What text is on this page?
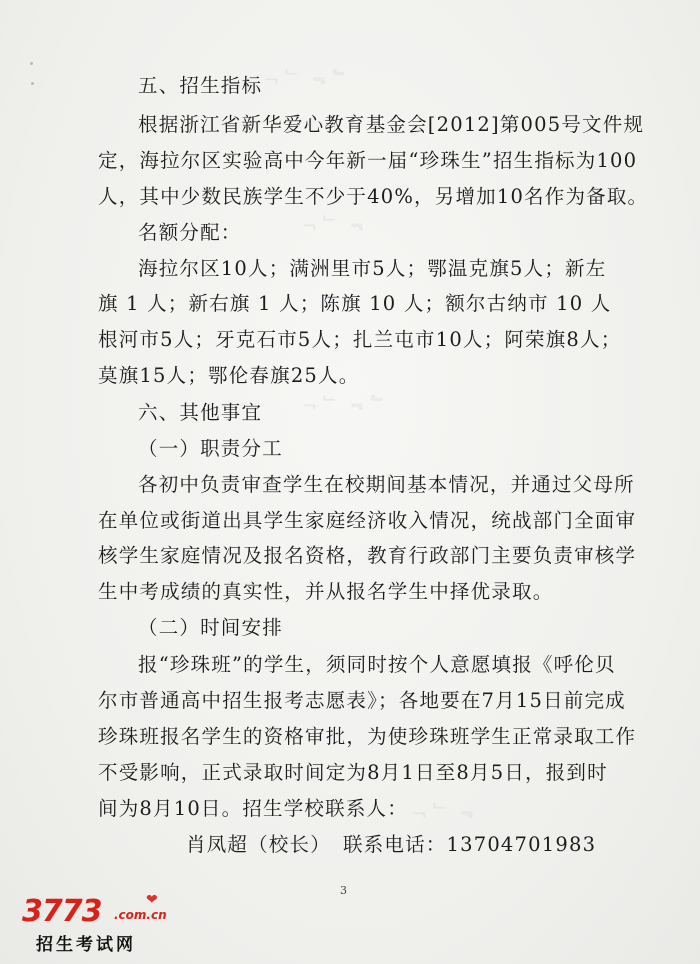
﹁ ﹂ ﹃ ﹄
﹁ ﹂ ﹃
﹁ ﹂ ﹃ ﹄
﹁ ﹂ ﹃
五、招生指标
根据浙江省新华爱心教育基金会[2012]第005号文件规
定，海拉尔区实验高中今年新一届“珍珠生”招生指标为100
人，其中少数民族学生不少于40%，另增加10名作为备取。
名额分配：
海拉尔区10人；满洲里市5人；鄂温克旗5人；新左
旗 1 人；新右旗 1 人；陈旗 10 人；额尔古纳市 10 人
根河市5人；牙克石市5人；扎兰屯市10人；阿荣旗8人；
莫旗15人；鄂伦春旗25人。
六、其他事宜
（一）职责分工
各初中负责审查学生在校期间基本情况，并通过父母所
在单位或街道出具学生家庭经济收入情况，统战部门全面审
核学生家庭情况及报名资格，教育行政部门主要负责审核学
生中考成绩的真实性，并从报名学生中择优录取。
（二）时间安排
报“珍珠班”的学生，须同时按个人意愿填报《呼伦贝
尔市普通高中招生报考志愿表》；各地要在7月15日前完成
珍珠班报名学生的资格审批，为使珍珠班学生正常录取工作
不受影响，正式录取时间定为8月1日至8月5日，报到时
间为8月10日。招生学校联系人：
肖凤超（校长） 联系电话：13704701983
3
3773	❤
.com.cn
招生考试网
